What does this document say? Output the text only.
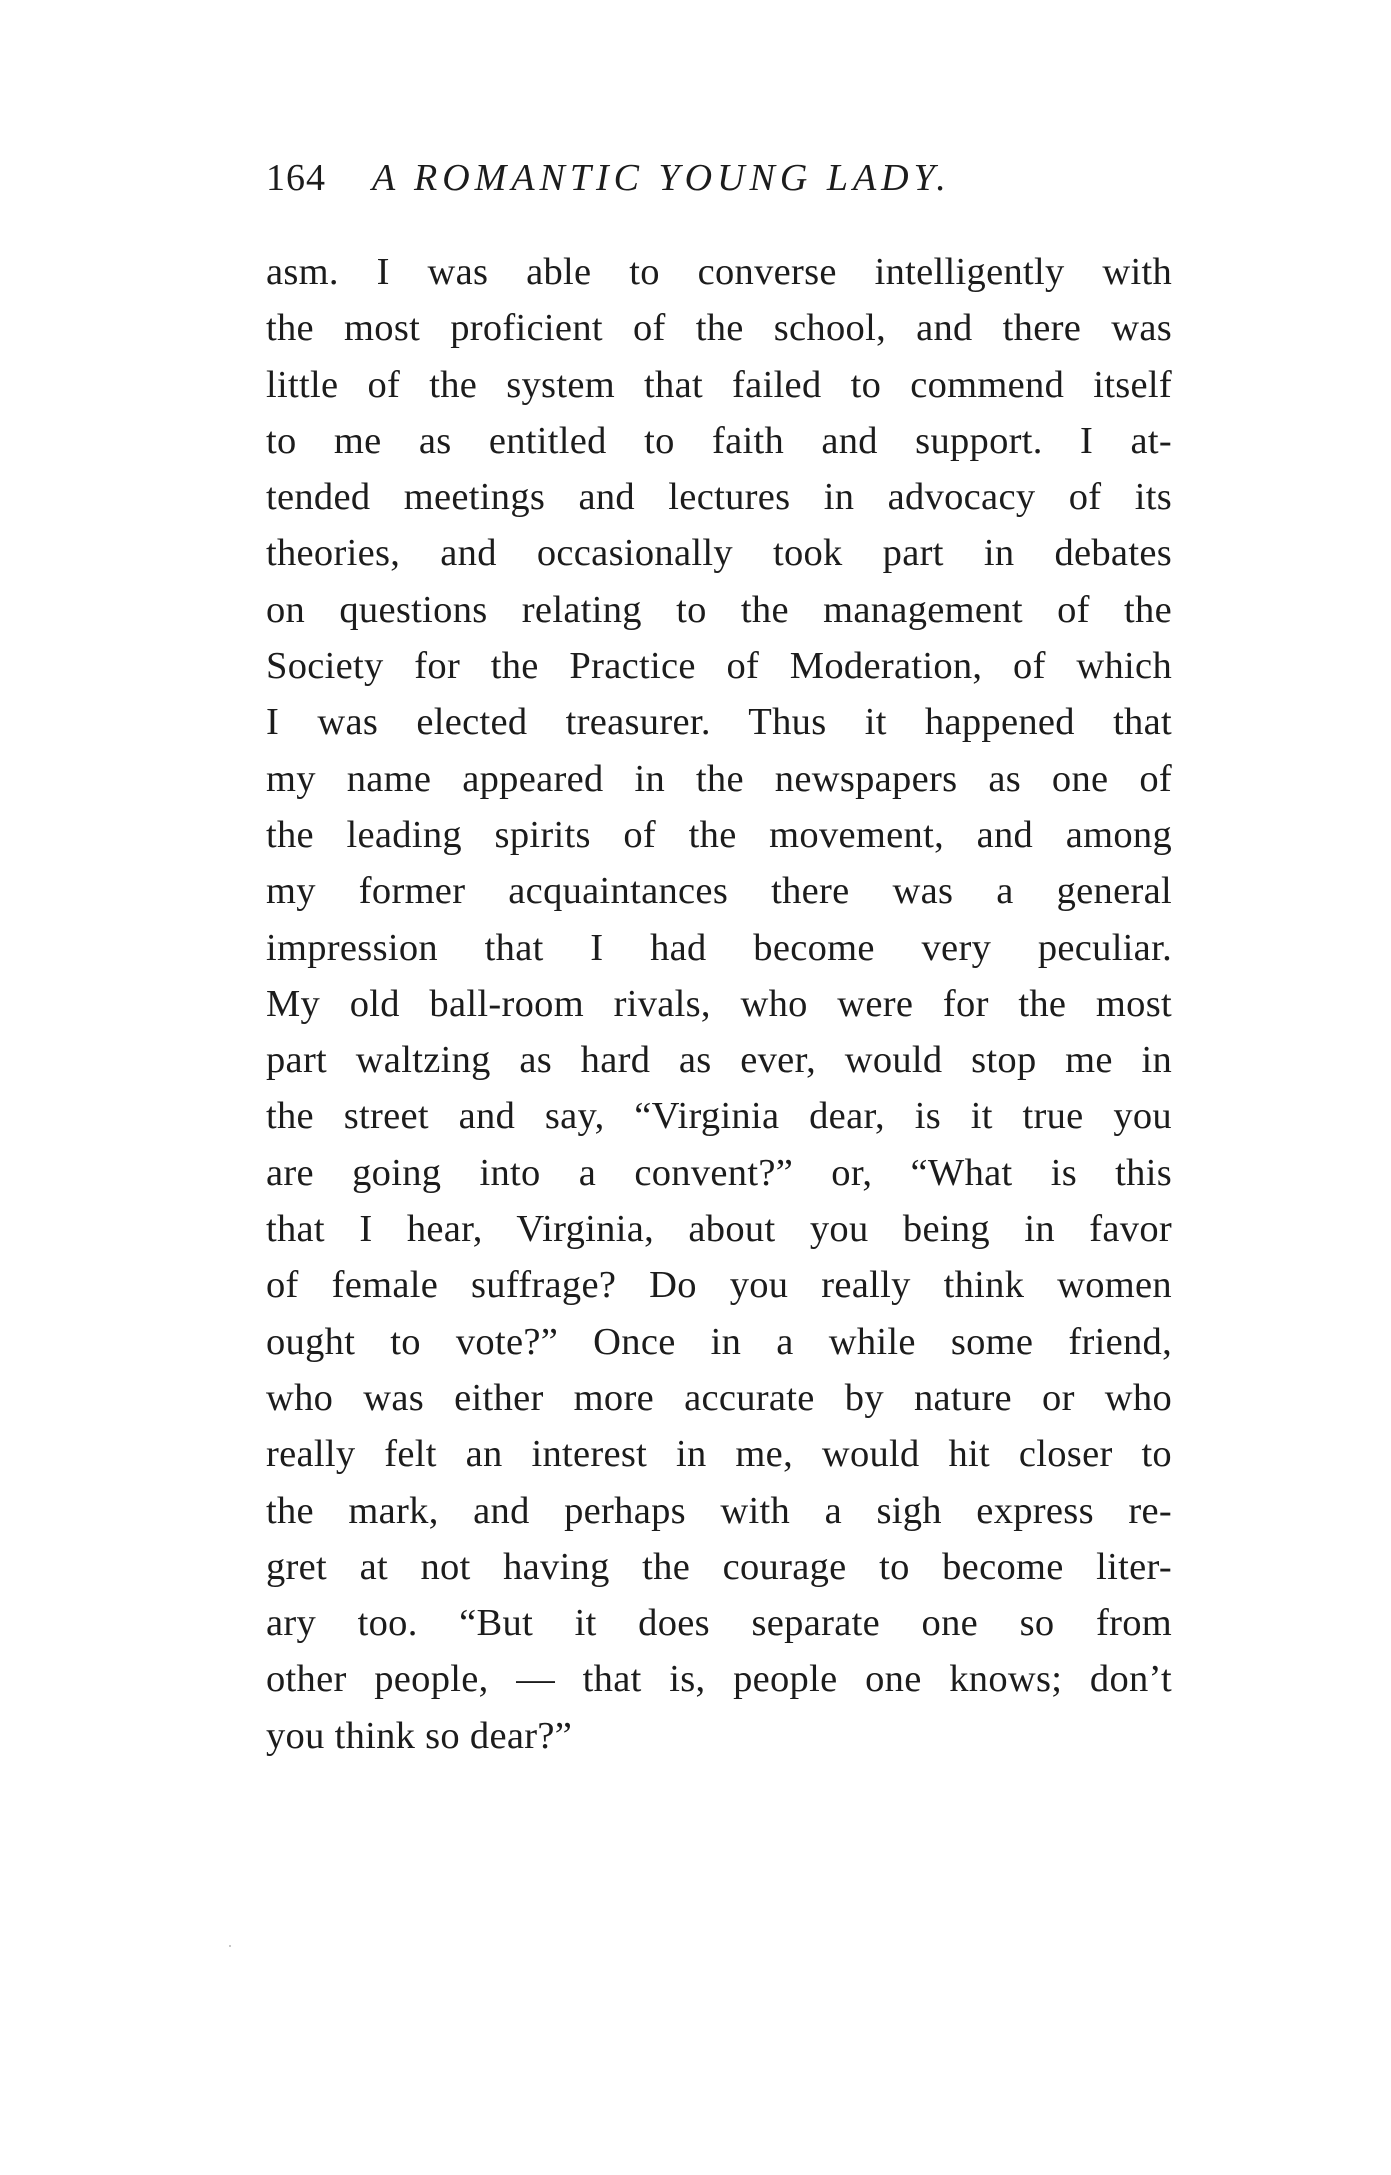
164 A ROMANTIC YOUNG LADY.
asm. I was able to converse intelligently with
the most proficient of the school, and there was
little of the system that failed to commend itself
to me as entitled to faith and support. I at-
tended meetings and lectures in advocacy of its
theories, and occasionally took part in debates
on questions relating to the management of the
Society for the Practice of Moderation, of which
I was elected treasurer. Thus it happened that
my name appeared in the newspapers as one of
the leading spirits of the movement, and among
my former acquaintances there was a general
impression that I had become very peculiar.
My old ball-room rivals, who were for the most
part waltzing as hard as ever, would stop me in
the street and say, “Virginia dear, is it true you
are going into a convent?” or, “What is this
that I hear, Virginia, about you being in favor
of female suffrage? Do you really think women
ought to vote?” Once in a while some friend,
who was either more accurate by nature or who
really felt an interest in me, would hit closer to
the mark, and perhaps with a sigh express re-
gret at not having the courage to become liter-
ary too. “But it does separate one so from
other people, — that is, people one knows; don’t
you think so dear?”
